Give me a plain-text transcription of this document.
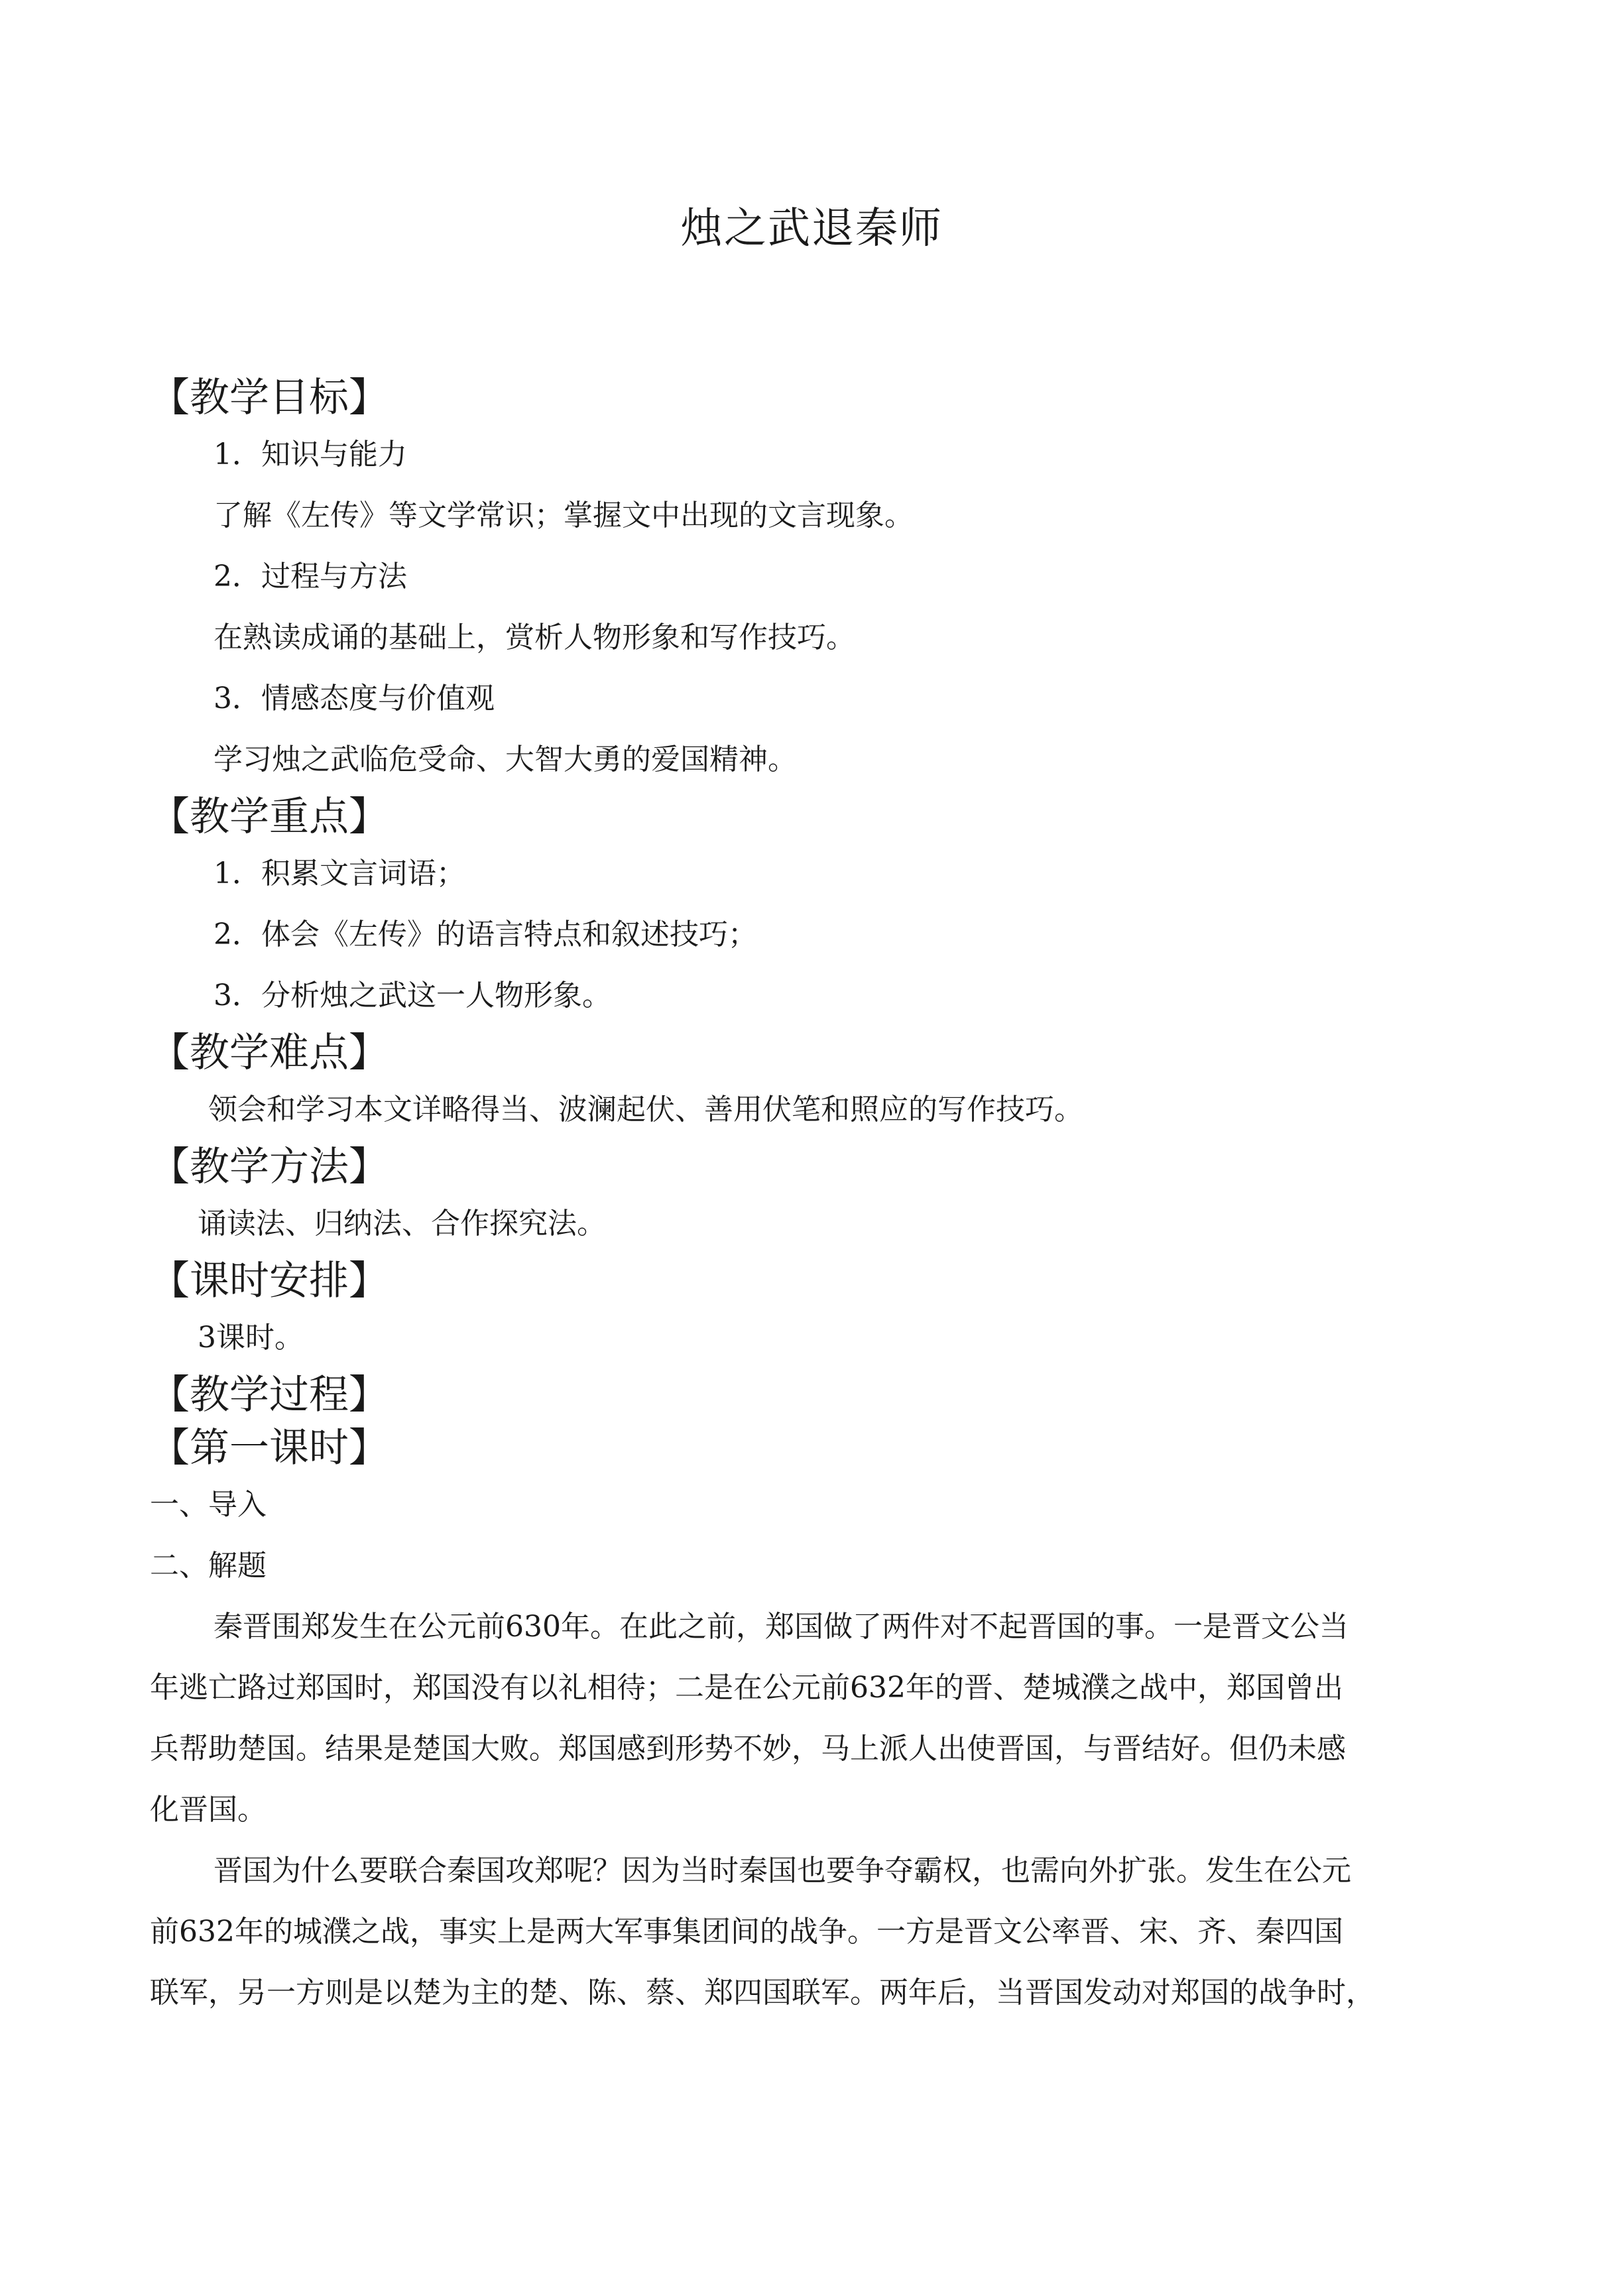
烛之武退秦师

【教学目标】

1．知识与能力

了解《左传》等文学常识；掌握文中出现的文言现象。

2．过程与方法

在熟读成诵的基础上，赏析人物形象和写作技巧。

3．情感态度与价值观

学习烛之武临危受命、大智大勇的爱国精神。

【教学重点】

1．积累文言词语；

2．体会《左传》的语言特点和叙述技巧；

3．分析烛之武这一人物形象。

【教学难点】

领会和学习本文详略得当、波澜起伏、善用伏笔和照应的写作技巧。

【教学方法】

诵读法、归纳法、合作探究法。

【课时安排】

3课时。

【教学过程】

【第一课时】

一、导入

二、解题

秦晋围郑发生在公元前630年。在此之前，郑国做了两件对不起晋国的事。一是晋文公当
年逃亡路过郑国时，郑国没有以礼相待；二是在公元前632年的晋、楚城濮之战中，郑国曾出
兵帮助楚国。结果是楚国大败。郑国感到形势不妙，马上派人出使晋国，与晋结好。但仍未感
化晋国。
晋国为什么要联合秦国攻郑呢？因为当时秦国也要争夺霸权，也需向外扩张。发生在公元
前632年的城濮之战，事实上是两大军事集团间的战争。一方是晋文公率晋、宋、齐、秦四国
联军，另一方则是以楚为主的楚、陈、蔡、郑四国联军。两年后，当晋国发动对郑国的战争时，
